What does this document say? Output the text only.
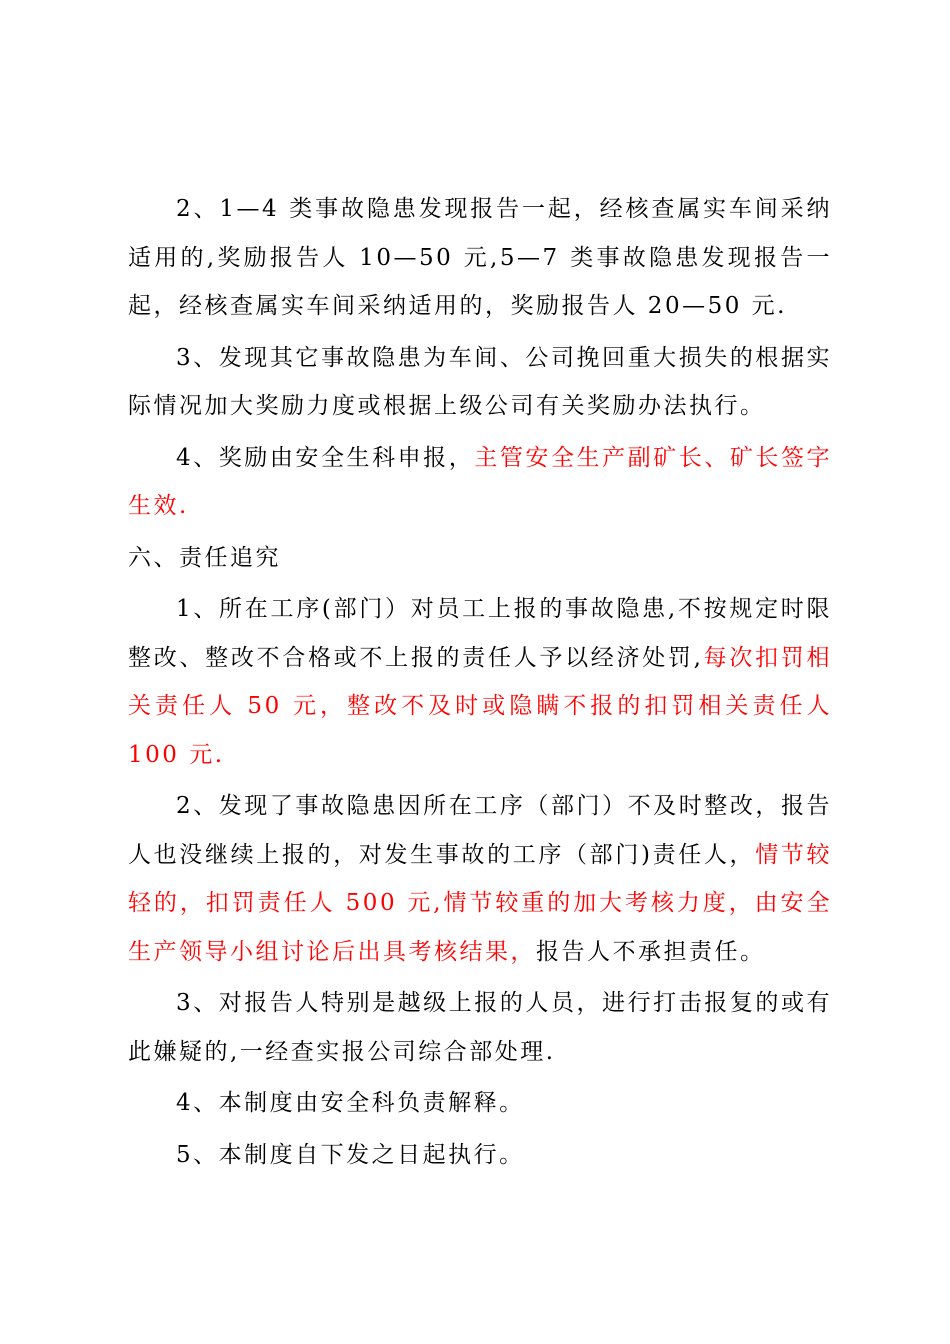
2、1—4 类事故隐患发现报告一起，经核查属实车间采纳适用的,奖励报告人 10—50 元,5—7 类事故隐患发现报告一起，经核查属实车间采纳适用的，奖励报告人 20—50 元.

3、发现其它事故隐患为车间、公司挽回重大损失的根据实际情况加大奖励力度或根据上级公司有关奖励办法执行。

4、奖励由安全生科申报，主管安全生产副矿长、矿长签字生效.

六、责任追究

1、所在工序(部门）对员工上报的事故隐患,不按规定时限整改、整改不合格或不上报的责任人予以经济处罚,每次扣罚相关责任人 50 元，整改不及时或隐瞒不报的扣罚相关责任人 100 元.

2、发现了事故隐患因所在工序（部门）不及时整改，报告人也没继续上报的，对发生事故的工序（部门)责任人，情节较轻的，扣罚责任人 500 元,情节较重的加大考核力度，由安全生产领导小组讨论后出具考核结果，报告人不承担责任。

3、对报告人特别是越级上报的人员，进行打击报复的或有此嫌疑的,一经查实报公司综合部处理.

4、本制度由安全科负责解释。

5、本制度自下发之日起执行。
